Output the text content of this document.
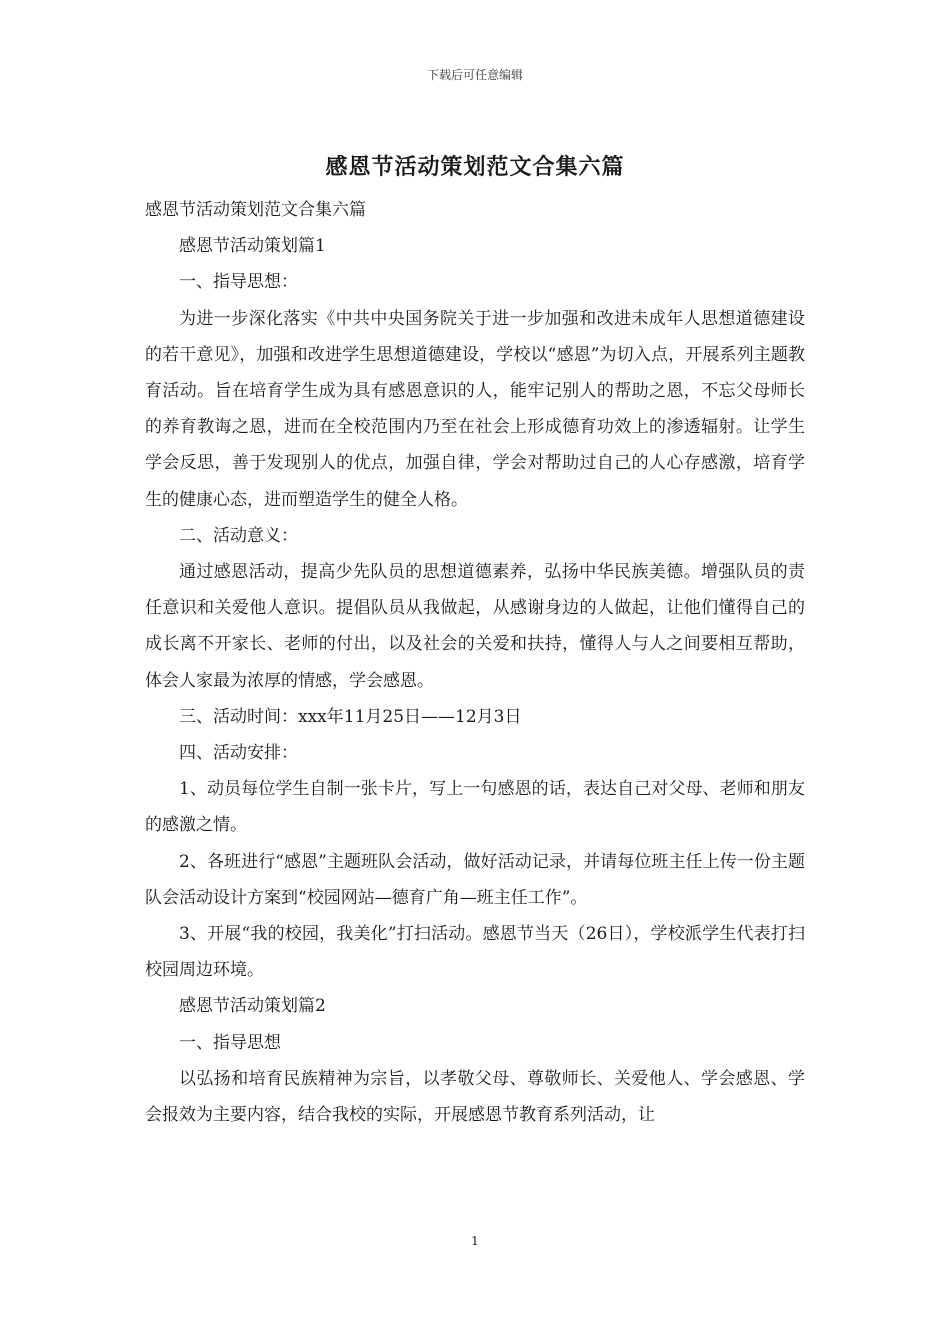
下载后可任意编辑
感恩节活动策划范文合集六篇

感恩节活动策划范文合集六篇

感恩节活动策划篇1

一、指导思想：

为进一步深化落实《中共中央国务院关于进一步加强和改进未成年人思想道德建设的若干意见》，加强和改进学生思想道德建设，学校以“感恩”为切入点，开展系列主题教育活动。旨在培育学生成为具有感恩意识的人，能牢记别人的帮助之恩，不忘父母师长的养育教诲之恩，进而在全校范围内乃至在社会上形成德育功效上的渗透辐射。让学生学会反思，善于发现别人的优点，加强自律，学会对帮助过自己的人心存感激，培育学生的健康心态，进而塑造学生的健全人格。

二、活动意义：

通过感恩活动，提高少先队员的思想道德素养，弘扬中华民族美德。增强队员的责任意识和关爱他人意识。提倡队员从我做起，从感谢身边的人做起，让他们懂得自己的成长离不开家长、老师的付出，以及社会的关爱和扶持，懂得人与人之间要相互帮助，体会人家最为浓厚的情感，学会感恩。

三、活动时间：xxx年11月25日——12月3日

四、活动安排：

1、动员每位学生自制一张卡片，写上一句感恩的话，表达自己对父母、老师和朋友的感激之情。

2、各班进行“感恩”主题班队会活动，做好活动记录，并请每位班主任上传一份主题队会活动设计方案到“校园网站—德育广角—班主任工作”。

3、开展“我的校园，我美化”打扫活动。感恩节当天（26日），学校派学生代表打扫校园周边环境。

感恩节活动策划篇2

一、指导思想

以弘扬和培育民族精神为宗旨，以孝敬父母、尊敬师长、关爱他人、学会感恩、学会报效为主要内容，结合我校的实际，开展感恩节教育系列活动，让

1
